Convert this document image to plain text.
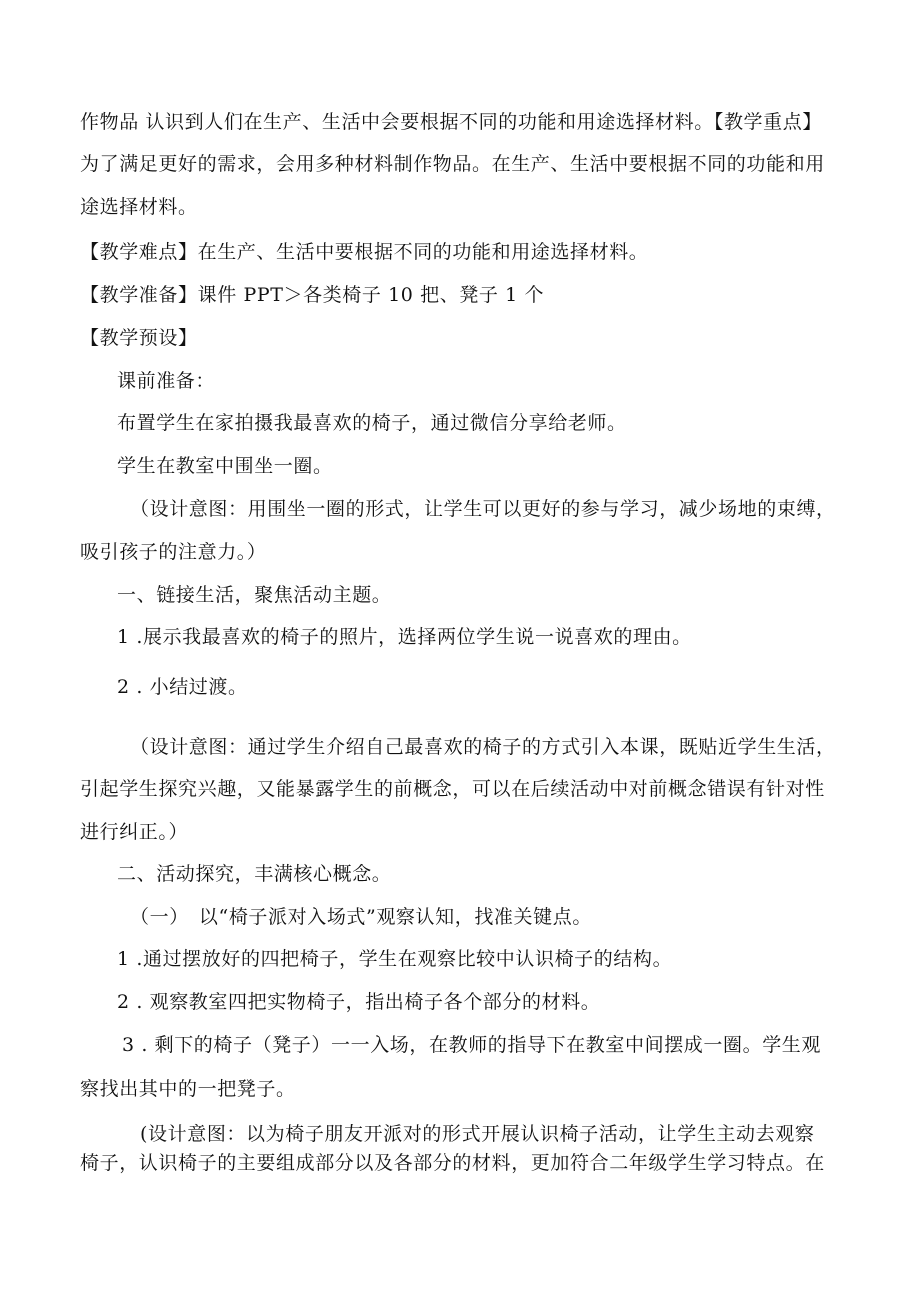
作物品 认识到人们在生产、生活中会要根据不同的功能和用途选择材料。【教学重点】
为了满足更好的需求，会用多种材料制作物品。在生产、生活中要根据不同的功能和用
途选择材料。
【教学难点】在生产、生活中要根据不同的功能和用途选择材料。
【教学准备】课件 PPT＞各类椅子 10 把、凳子 1 个
【教学预设】
课前准备：
布置学生在家拍摄我最喜欢的椅子，通过微信分享给老师。
学生在教室中围坐一圈。
（设计意图：用围坐一圈的形式，让学生可以更好的参与学习，减少场地的束缚，
吸引孩子的注意力。）
一、链接生活，聚焦活动主题。
1 .展示我最喜欢的椅子的照片，选择两位学生说一说喜欢的理由。
2 . 小结过渡。
（设计意图：通过学生介绍自己最喜欢的椅子的方式引入本课，既贴近学生生活，
引起学生探究兴趣，又能暴露学生的前概念，可以在后续活动中对前概念错误有针对性
进行纠正。）
二、活动探究，丰满核心概念。
（一）　以“椅子派对入场式”观察认知，找准关键点。
1 .通过摆放好的四把椅子，学生在观察比较中认识椅子的结构。
2 . 观察教室四把实物椅子，指出椅子各个部分的材料。
3 . 剩下的椅子（凳子）一一入场，在教师的指导下在教室中间摆成一圈。学生观
察找出其中的一把凳子。
(设计意图：以为椅子朋友开派对的形式开展认识椅子活动，让学生主动去观察
椅子，认识椅子的主要组成部分以及各部分的材料，更加符合二年级学生学习特点。在
